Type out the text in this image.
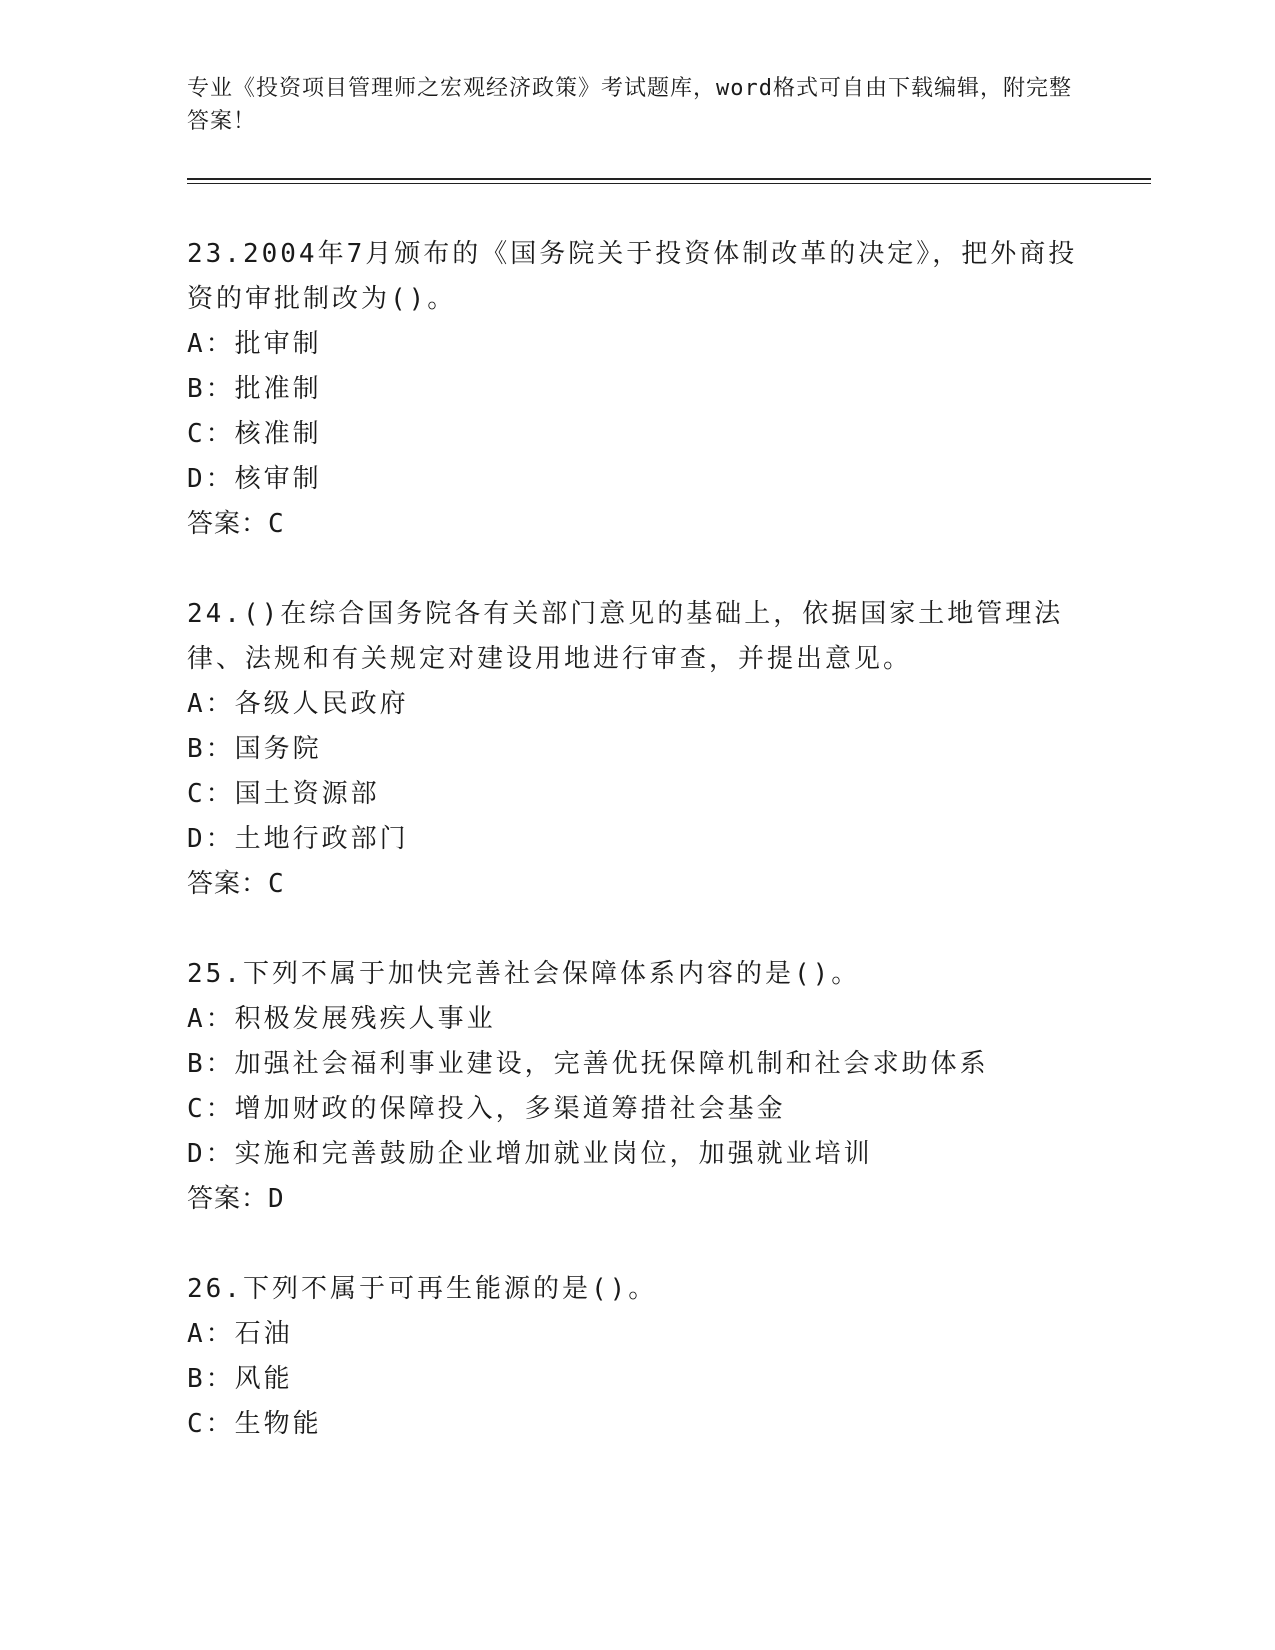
专业《投资项目管理师之宏观经济政策》考试题库，word格式可自由下载编辑，附完整答案！
23.2004年7月颁布的《国务院关于投资体制改革的决定》，把外商投资的审批制改为()。
A：批审制
B：批准制
C：核准制
D：核审制
答案：C
24.()在综合国务院各有关部门意见的基础上，依据国家土地管理法律、法规和有关规定对建设用地进行审查，并提出意见。
A：各级人民政府
B：国务院
C：国土资源部
D：土地行政部门
答案：C
25.下列不属于加快完善社会保障体系内容的是()。
A：积极发展残疾人事业
B：加强社会福利事业建设，完善优抚保障机制和社会求助体系
C：增加财政的保障投入，多渠道筹措社会基金
D：实施和完善鼓励企业增加就业岗位，加强就业培训
答案：D
26.下列不属于可再生能源的是()。
A：石油
B：风能
C：生物能
